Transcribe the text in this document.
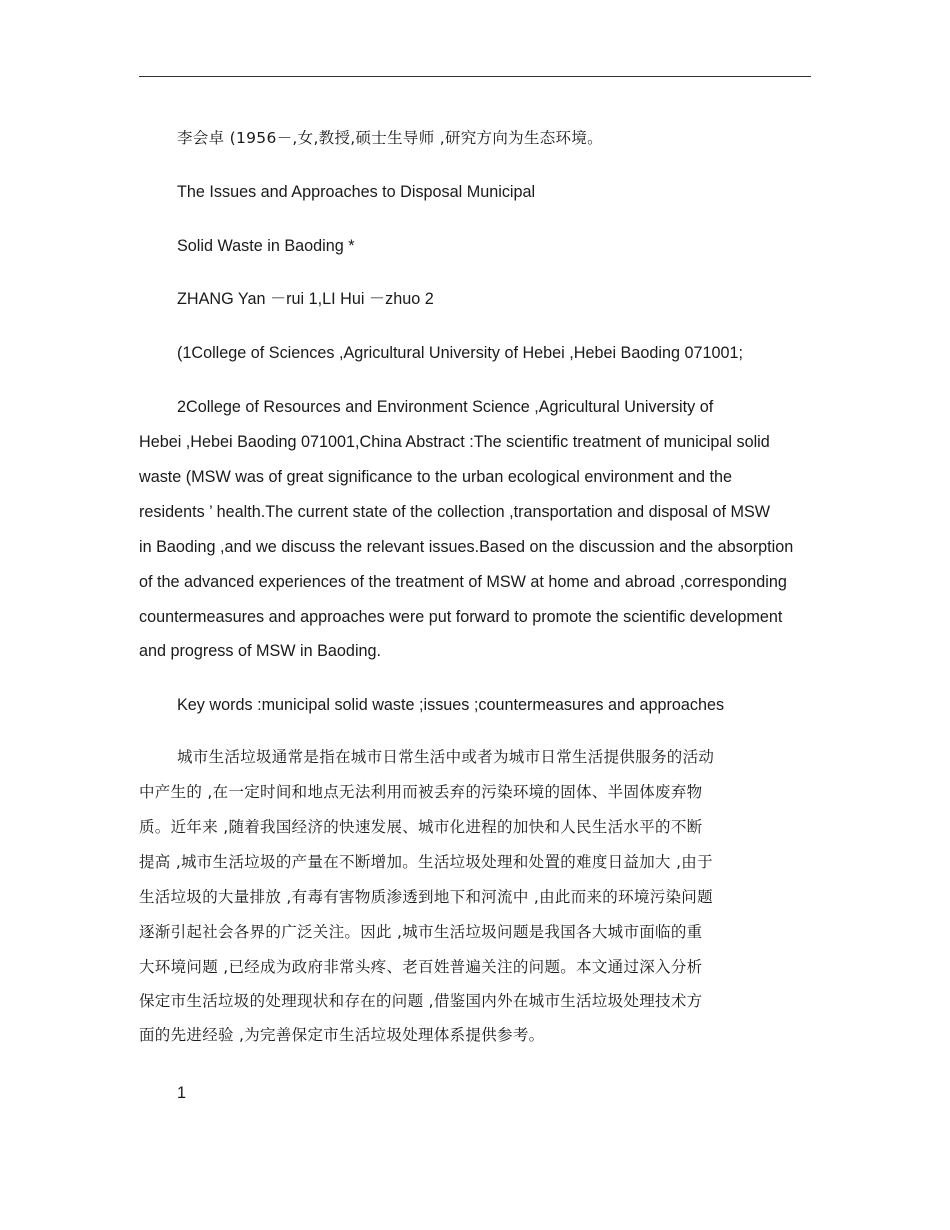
李会卓 (1956－,女,教授,硕士生导师 ,研究方向为生态环境。
The Issues and Approaches to Disposal Municipal
Solid Waste in Baoding *
ZHANG Yan －rui 1,LI Hui －zhuo 2
(1College of Sciences ,Agricultural University of Hebei ,Hebei Baoding 071001;
2College of Resources and Environment Science ,Agricultural University of
Hebei ,Hebei Baoding 071001,China Abstract :The scientific treatment of municipal solid
waste (MSW was of great significance to the urban ecological environment and the
residents ’ health.The current state of the collection ,transportation and disposal of MSW
in Baoding ,and we discuss the relevant issues.Based on the discussion and the absorption
of the advanced experiences of the treatment of MSW at home and abroad ,corresponding
countermeasures and approaches were put forward to promote the scientific development
and progress of MSW in Baoding.
Key words :municipal solid waste ;issues ;countermeasures and approaches
城市生活垃圾通常是指在城市日常生活中或者为城市日常生活提供服务的活动
中产生的 ,在一定时间和地点无法利用而被丢弃的污染环境的固体、半固体废弃物
质。近年来 ,随着我国经济的快速发展、城市化进程的加快和人民生活水平的不断
提高 ,城市生活垃圾的产量在不断增加。生活垃圾处理和处置的难度日益加大 ,由于
生活垃圾的大量排放 ,有毒有害物质渗透到地下和河流中 ,由此而来的环境污染问题
逐渐引起社会各界的广泛关注。因此 ,城市生活垃圾问题是我国各大城市面临的重
大环境问题 ,已经成为政府非常头疼、老百姓普遍关注的问题。本文通过深入分析
保定市生活垃圾的处理现状和存在的问题 ,借鉴国内外在城市生活垃圾处理技术方
面的先进经验 ,为完善保定市生活垃圾处理体系提供参考。
1
